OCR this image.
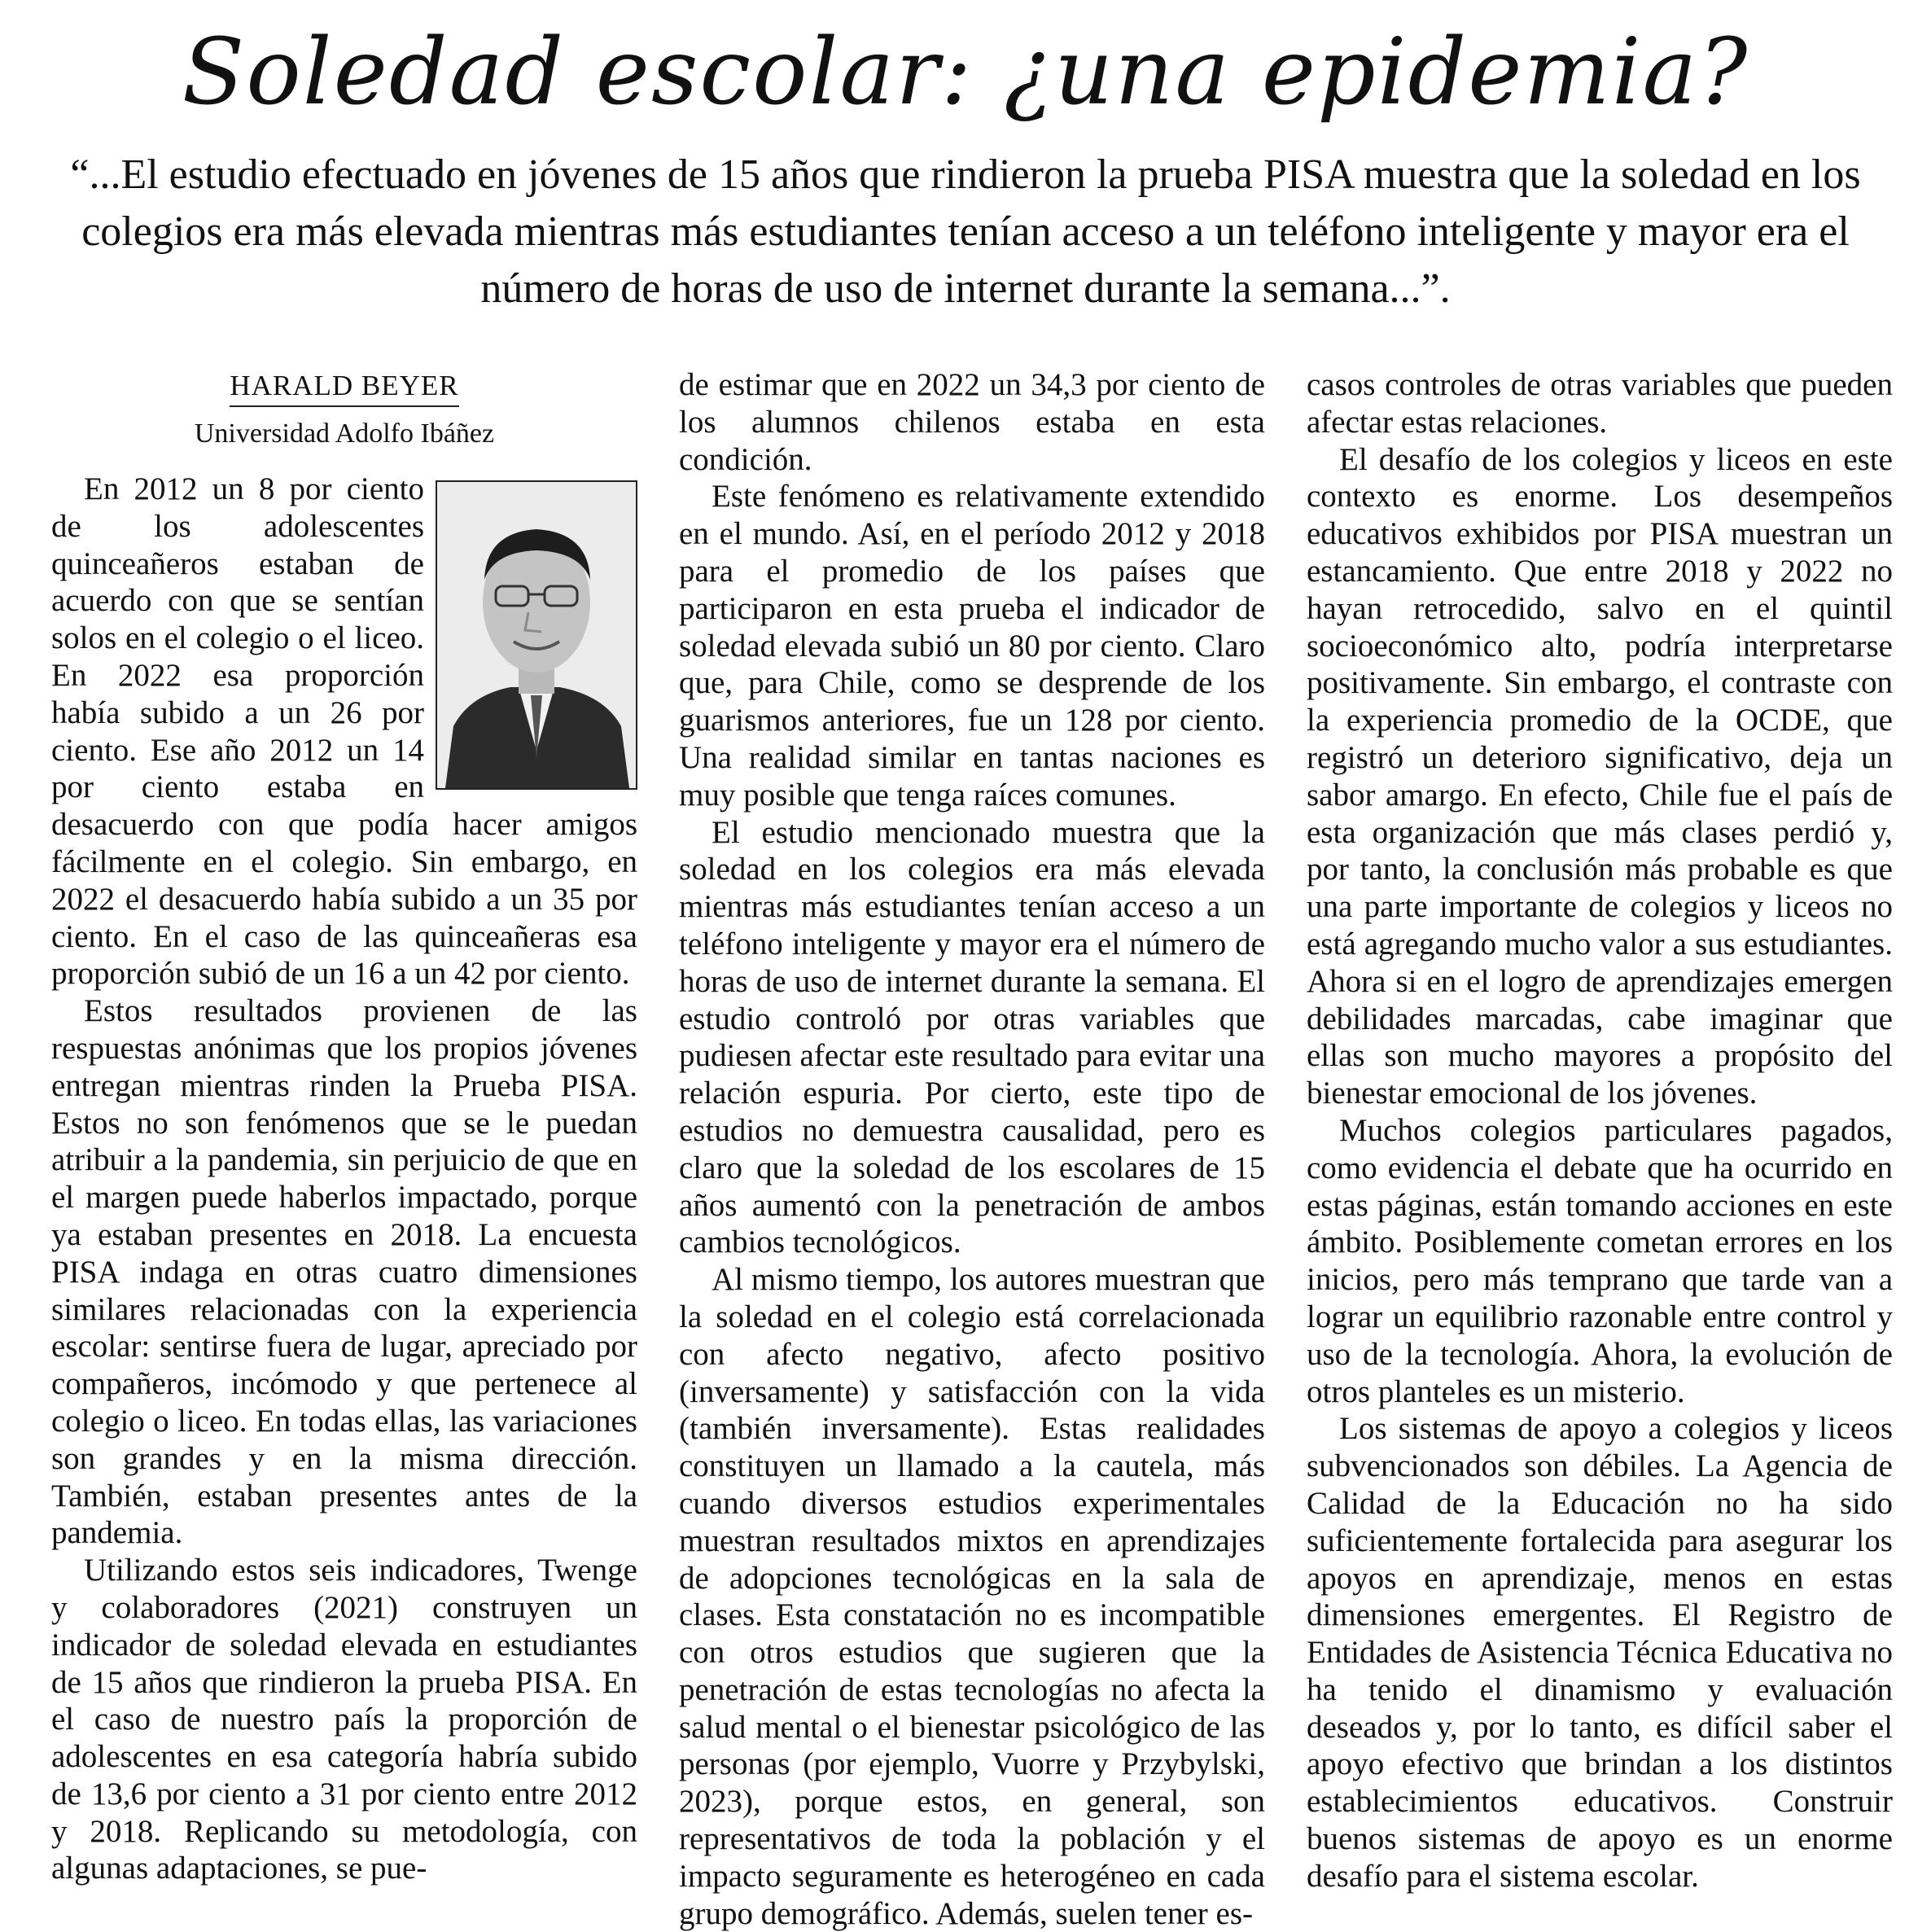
Soledad escolar: ¿una epidemia?

“...El estudio efectuado en jóvenes de 15 años que rindieron la prueba PISA muestra que la soledad en los colegios era más elevada mientras más estudiantes tenían acceso a un teléfono inteligente y mayor era el número de horas de uso de internet durante la semana...”.

HARALD BEYER
Universidad Adolfo Ibáñez

En 2012 un 8 por ciento de los adolescentes quinceañeros estaban de acuerdo con que se sentían solos en el colegio o el liceo. En 2022 esa proporción había subido a un 26 por ciento. Ese año 2012 un 14 por ciento estaba en desacuerdo con que podía hacer amigos fácilmente en el colegio. Sin embargo, en 2022 el desacuerdo había subido a un 35 por ciento. En el caso de las quinceañeras esa proporción subió de un 16 a un 42 por ciento.

Estos resultados provienen de las respuestas anónimas que los propios jóvenes entregan mientras rinden la Prueba PISA. Estos no son fenómenos que se le puedan atribuir a la pandemia, sin perjuicio de que en el margen puede haberlos impactado, porque ya estaban presentes en 2018. La encuesta PISA indaga en otras cuatro dimensiones similares relacionadas con la experiencia escolar: sentirse fuera de lugar, apreciado por compañeros, incómodo y que pertenece al colegio o liceo. En todas ellas, las variaciones son grandes y en la misma dirección. También, estaban presentes antes de la pandemia.

Utilizando estos seis indicadores, Twenge y colaboradores (2021) construyen un indicador de soledad elevada en estudiantes de 15 años que rindieron la prueba PISA. En el caso de nuestro país la proporción de adolescentes en esa categoría habría subido de 13,6 por ciento a 31 por ciento entre 2012 y 2018. Replicando su metodología, con algunas adaptaciones, se pue-

de estimar que en 2022 un 34,3 por ciento de los alumnos chilenos estaba en esta condición.

Este fenómeno es relativamente extendido en el mundo. Así, en el período 2012 y 2018 para el promedio de los países que participaron en esta prueba el indicador de soledad elevada subió un 80 por ciento. Claro que, para Chile, como se desprende de los guarismos anteriores, fue un 128 por ciento. Una realidad similar en tantas naciones es muy posible que tenga raíces comunes.

El estudio mencionado muestra que la soledad en los colegios era más elevada mientras más estudiantes tenían acceso a un teléfono inteligente y mayor era el número de horas de uso de internet durante la semana. El estudio controló por otras variables que pudiesen afectar este resultado para evitar una relación espuria. Por cierto, este tipo de estudios no demuestra causalidad, pero es claro que la soledad de los escolares de 15 años aumentó con la penetración de ambos cambios tecnológicos.

Al mismo tiempo, los autores muestran que la soledad en el colegio está correlacionada con afecto negativo, afecto positivo (inversamente) y satisfacción con la vida (también inversamente). Estas realidades constituyen un llamado a la cautela, más cuando diversos estudios experimentales muestran resultados mixtos en aprendizajes de adopciones tecnológicas en la sala de clases. Esta constatación no es incompatible con otros estudios que sugieren que la penetración de estas tecnologías no afecta la salud mental o el bienestar psicológico de las personas (por ejemplo, Vuorre y Przybylski, 2023), porque estos, en general, son representativos de toda la población y el impacto seguramente es heterogéneo en cada grupo demográfico. Además, suelen tener es-

casos controles de otras variables que pueden afectar estas relaciones.

El desafío de los colegios y liceos en este contexto es enorme. Los desempeños educativos exhibidos por PISA muestran un estancamiento. Que entre 2018 y 2022 no hayan retrocedido, salvo en el quintil socioeconómico alto, podría interpretarse positivamente. Sin embargo, el contraste con la experiencia promedio de la OCDE, que registró un deterioro significativo, deja un sabor amargo. En efecto, Chile fue el país de esta organización que más clases perdió y, por tanto, la conclusión más probable es que una parte importante de colegios y liceos no está agregando mucho valor a sus estudiantes. Ahora si en el logro de aprendizajes emergen debilidades marcadas, cabe imaginar que ellas son mucho mayores a propósito del bienestar emocional de los jóvenes.

Muchos colegios particulares pagados, como evidencia el debate que ha ocurrido en estas páginas, están tomando acciones en este ámbito. Posiblemente cometan errores en los inicios, pero más temprano que tarde van a lograr un equilibrio razonable entre control y uso de la tecnología. Ahora, la evolución de otros planteles es un misterio.

Los sistemas de apoyo a colegios y liceos subvencionados son débiles. La Agencia de Calidad de la Educación no ha sido suficientemente fortalecida para asegurar los apoyos en aprendizaje, menos en estas dimensiones emergentes. El Registro de Entidades de Asistencia Técnica Educativa no ha tenido el dinamismo y evaluación deseados y, por lo tanto, es difícil saber el apoyo efectivo que brindan a los distintos establecimientos educativos. Construir buenos sistemas de apoyo es un enorme desafío para el sistema escolar.
